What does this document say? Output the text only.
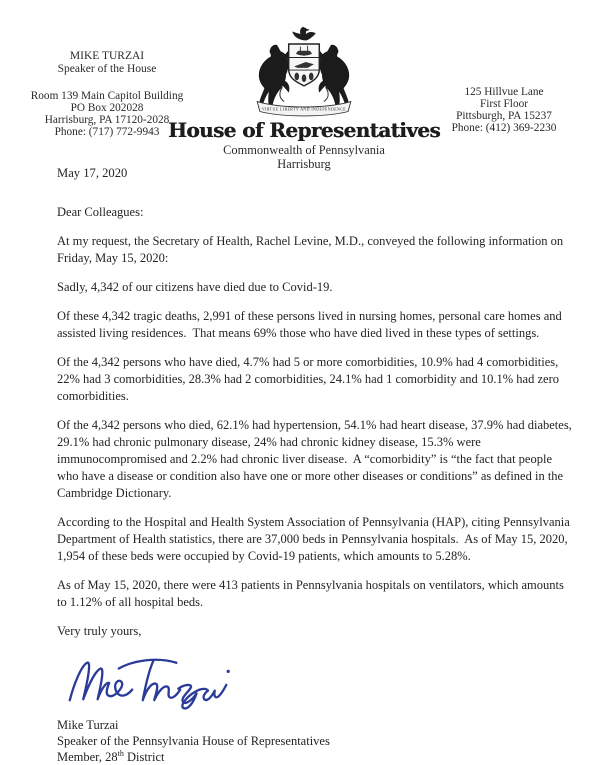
MIKE TURZAI
Speaker of the House
Room 139 Main Capitol Building
PO Box 202028
Harrisburg, PA 17120-2028
Phone: (717) 772-9943
125 Hillvue Lane
First Floor
Pittsburgh, PA 15237
Phone: (412) 369-2230
VIRTUE LIBERTY AND INDEPENDENCE
House of Representatives
Commonwealth of Pennsylvania
Harrisburg
May 17, 2020

Dear Colleagues:

At my request, the Secretary of Health, Rachel Levine, M.D., conveyed the following information on Friday, May 15, 2020:

Sadly, 4,342 of our citizens have died due to Covid-19.

Of these 4,342 tragic deaths, 2,991 of these persons lived in nursing homes, personal care homes and assisted living residences.  That means 69% those who have died lived in these types of settings.

Of the 4,342 persons who have died, 4.7% had 5 or more comorbidities, 10.9% had 4 comorbidities, 22% had 3 comorbidities, 28.3% had 2 comorbidities, 24.1% had 1 comorbidity and 10.1% had zero comorbidities.

Of the 4,342 persons who died, 62.1% had hypertension, 54.1% had heart disease, 37.9% had diabetes, 29.1% had chronic pulmonary disease, 24% had chronic kidney disease, 15.3% were immunocompromised and 2.2% had chronic liver disease.  A “comorbidity” is “the fact that people who have a disease or condition also have one or more other diseases or conditions” as defined in the Cambridge Dictionary.

According to the Hospital and Health System Association of Pennsylvania (HAP), citing Pennsylvania Department of Health statistics, there are 37,000 beds in Pennsylvania hospitals.  As of May 15, 2020, 1,954 of these beds were occupied by Covid-19 patients, which amounts to 5.28%.

As of May 15, 2020, there were 413 patients in Pennsylvania hospitals on ventilators, which amounts to 1.12% of all hospital beds.

Very truly yours,

Mike Turzai
Speaker of the Pennsylvania House of Representatives
Member, 28th District
